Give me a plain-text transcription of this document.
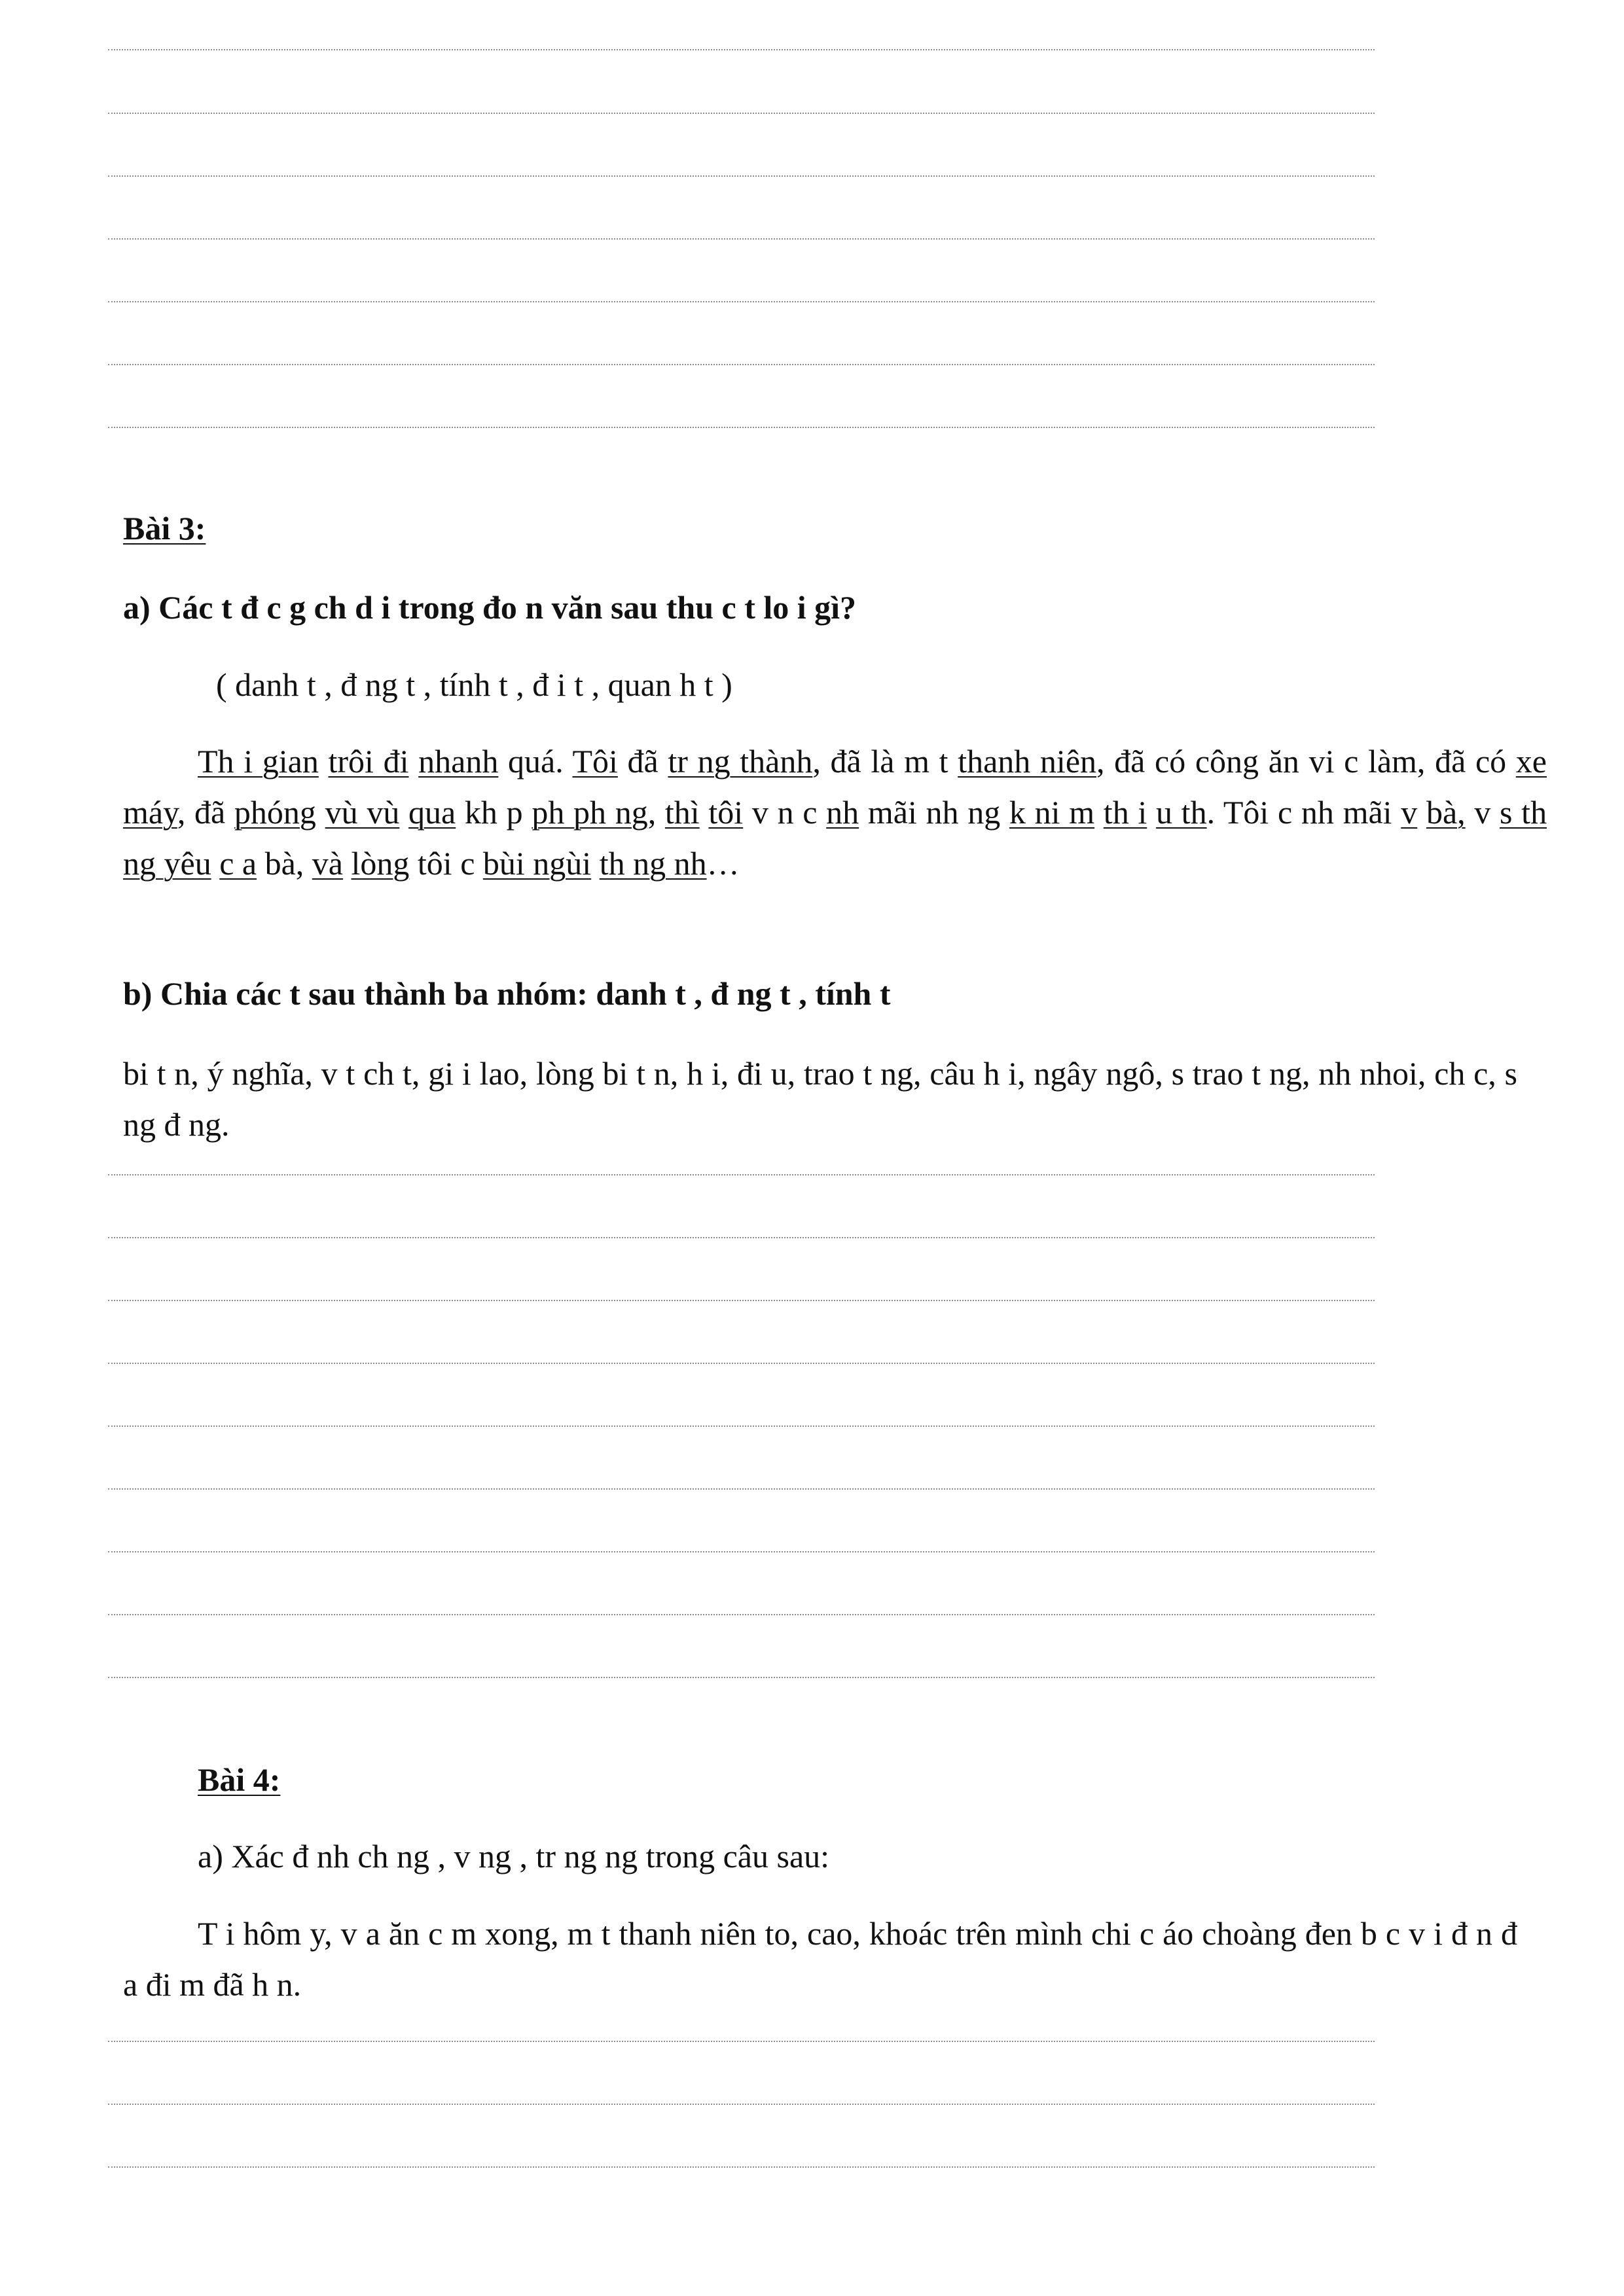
Bài 3:
a) Các t đ c g ch d i trong đo n văn sau thu c t lo i gì?
( danh t , đ ng t , tính t , đ i t , quan h t )
Th i gian trôi đi nhanh quá. Tôi đã tr ng thành, đã là m t thanh niên, đã có công ăn vi c làm, đã có xe máy, đã phóng vù vù qua kh p ph ph ng, thì tôi v n c nh mãi nh ng k ni m th i u th. Tôi c nh mãi v bà, v s th ng yêu c a bà, và lòng tôi c bùi ngùi th ng nh…
b) Chia các t sau thành ba nhóm: danh t , đ ng t , tính t
bi t n, ý nghĩa, v t ch t, gi i lao, lòng bi t n, h i, đi u, trao t ng, câu h i, ngây ngô, s trao t ng, nh nhoi, ch c, s ng đ ng.
Bài 4:
a) Xác đ nh ch ng , v ng , tr ng ng trong câu sau:
T i hôm y, v a ăn c m xong, m t thanh niên to, cao, khoác trên mình chi c áo choàng đen b c v i đ n đ a đi m đã h n.
